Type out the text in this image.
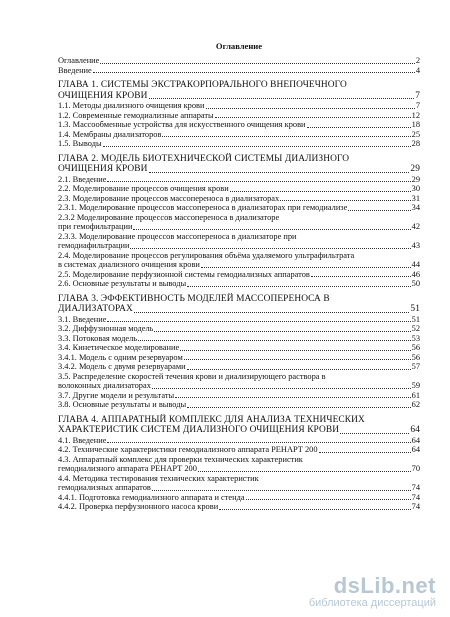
Оглавление
Оглавление	2
Введение	4
ГЛАВА 1. СИСТЕМЫ ЭКСТРАКОРПОРАЛЬНОГО ВНЕПОЧЕЧНОГО
ОЧИЩЕНИЯ КРОВИ	7
1.1. Методы диализного очищения крови	7
1.2. Современные гемодиализные аппараты	12
1.3. Массообменные устройства для искусственного очищения крови	18
1.4. Мембраны диализаторов	25
1.5. Выводы	28
ГЛАВА 2. МОДЕЛЬ БИОТЕХНИЧЕСКОЙ СИСТЕМЫ ДИАЛИЗНОГО
ОЧИЩЕНИЯ КРОВИ	29
2.1. Введение	29
2.2. Моделирование процессов очищения крови	30
2.3. Моделирование процессов массопереноса в диализаторах	31
2.3.1. Моделирование процессов массопереноса в диализаторах при гемодиализе	34
2.3.2 Моделирование процессов массопереноса в диализаторе
при гемофильтрации	42
2.3.3. Моделирование процессов массопереноса в диализаторе при
гемодиафильтрации	43
2.4. Моделирование процессов регулирования объёма удаляемого ультрафильтрата
в системах диализного очищения крови	44
2.5. Моделирование перфузионной системы гемодиализных аппаратов	46
2.6. Основные результаты и выводы	50
ГЛАВА 3. ЭФФЕКТИВНОСТЬ МОДЕЛЕЙ МАССОПЕРЕНОСА В
ДИАЛИЗАТОРАХ	51
3.1. Введение	51
3.2. Диффузионная модель	52
3.3. Потоковая модель	53
3.4. Кинетическое моделирование	56
3.4.1. Модель с одним резервуаром	56
3.4.2. Модель с двумя резервуарами	57
3.5. Распределение скоростей течения крови и диализирующего раствора в
волоконных диализаторах	59
3.7. Другие модели и результаты	61
3.8. Основные результаты и выводы	62
ГЛАВА 4. АППАРАТНЫЙ КОМПЛЕКС ДЛЯ АНАЛИЗА ТЕХНИЧЕСКИХ
ХАРАКТЕРИСТИК СИСТЕМ ДИАЛИЗНОГО ОЧИЩЕНИЯ КРОВИ	64
4.1. Введение	64
4.2. Технические характеристики гемодиализного аппарата РЕНАРТ 200	64
4.3. Аппаратный комплекс для проверки технических характеристик
гемодиализного аппарата РЕНАРТ 200	70
4.4. Методика тестирования технических характеристик
гемодиализных аппаратов	74
4.4.1. Подготовка гемодиализного аппарата и стенда	74
4.4.2. Проверка перфузионного насоса крови	74
dsLib.net
библиотека диссертаций
